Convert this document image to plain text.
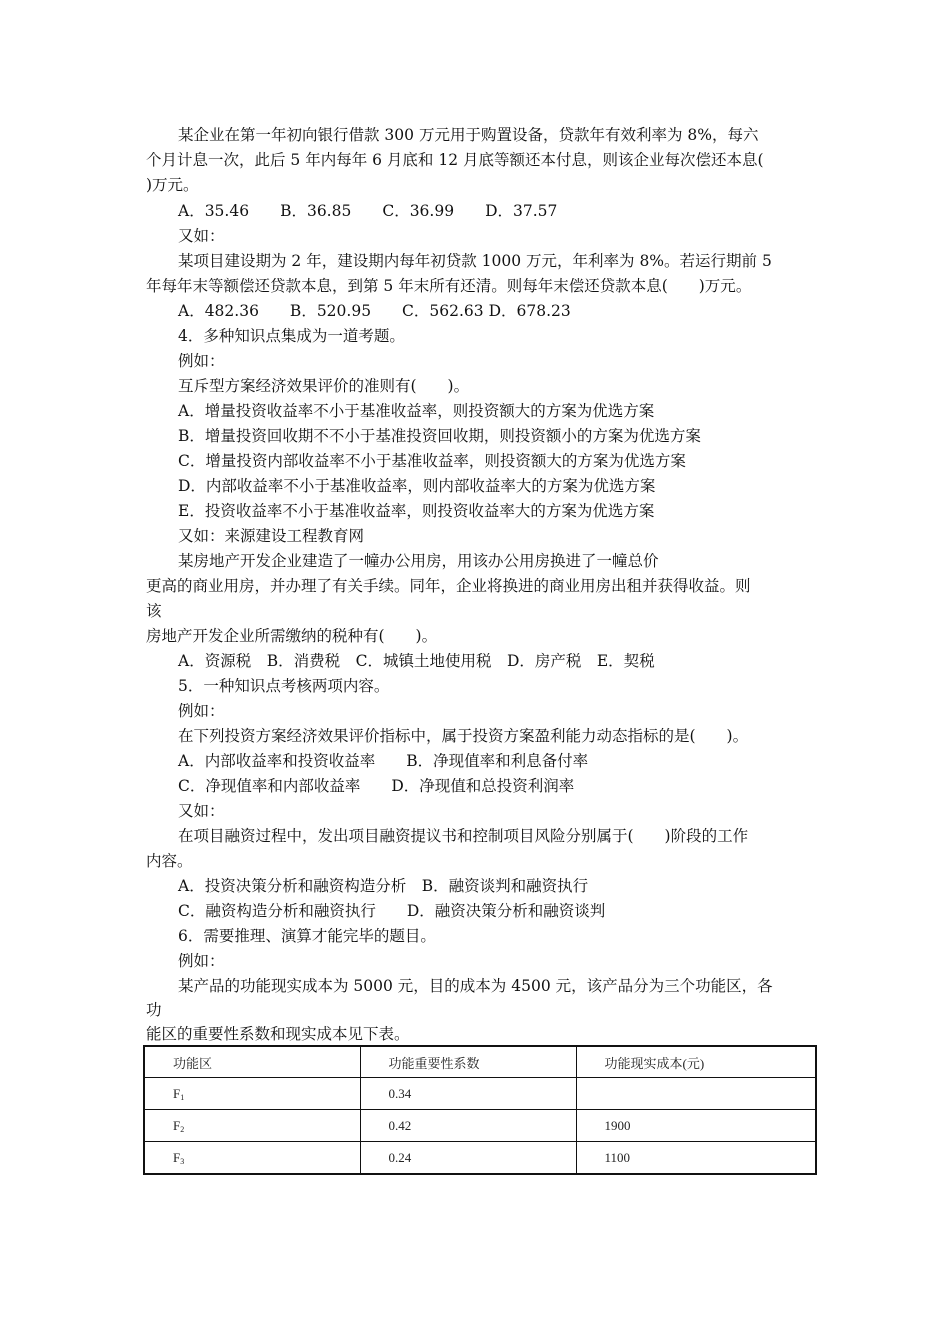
某企业在第一年初向银行借款 300 万元用于购置设备，贷款年有效利率为 8%，每六

个月计息一次，此后 5 年内每年 6 月底和 12 月底等额还本付息，则该企业每次偿还本息(

)万元。

A．35.46　　B．36.85　　C．36.99　　D．37.57

又如：

某项目建设期为 2 年，建设期内每年初贷款 1000 万元，年利率为 8%。若运行期前 5

年每年末等额偿还贷款本息，到第 5 年末所有还清。则每年末偿还贷款本息(　　)万元。

A．482.36　　B．520.95　　C．562.63 D．678.23

4．多种知识点集成为一道考题。

例如：

互斥型方案经济效果评价的准则有(　　)。

A．增量投资收益率不小于基准收益率，则投资额大的方案为优选方案

B．增量投资回收期不不小于基准投资回收期，则投资额小的方案为优选方案

C．增量投资内部收益率不小于基准收益率，则投资额大的方案为优选方案

D．内部收益率不小于基准收益率，则内部收益率大的方案为优选方案

E．投资收益率不小于基准收益率，则投资收益率大的方案为优选方案

又如：来源建设工程教育网

某房地产开发企业建造了一幢办公用房，用该办公用房换进了一幢总价

更高的商业用房，并办理了有关手续。同年，企业将换进的商业用房出租并获得收益。则

该

房地产开发企业所需缴纳的税种有(　　)。

A．资源税　B．消费税　C．城镇土地使用税　D．房产税　E．契税

5．一种知识点考核两项内容。

例如：

在下列投资方案经济效果评价指标中，属于投资方案盈利能力动态指标的是(　　)。

A．内部收益率和投资收益率　　B．净现值率和利息备付率

C．净现值率和内部收益率　　D．净现值和总投资利润率

又如：

在项目融资过程中，发出项目融资提议书和控制项目风险分别属于(　　)阶段的工作

内容。

A．投资决策分析和融资构造分析　B．融资谈判和融资执行

C．融资构造分析和融资执行　　D．融资决策分析和融资谈判

6．需要推理、演算才能完毕的题目。

例如：

某产品的功能现实成本为 5000 元，目的成本为 4500 元，该产品分为三个功能区，各

功

能区的重要性系数和现实成本见下表。

功能区	功能重要性系数	功能现实成本(元)
$F_1$	0.34	
$F_2$	0.42	1900
$F_3$	0.24	1100
